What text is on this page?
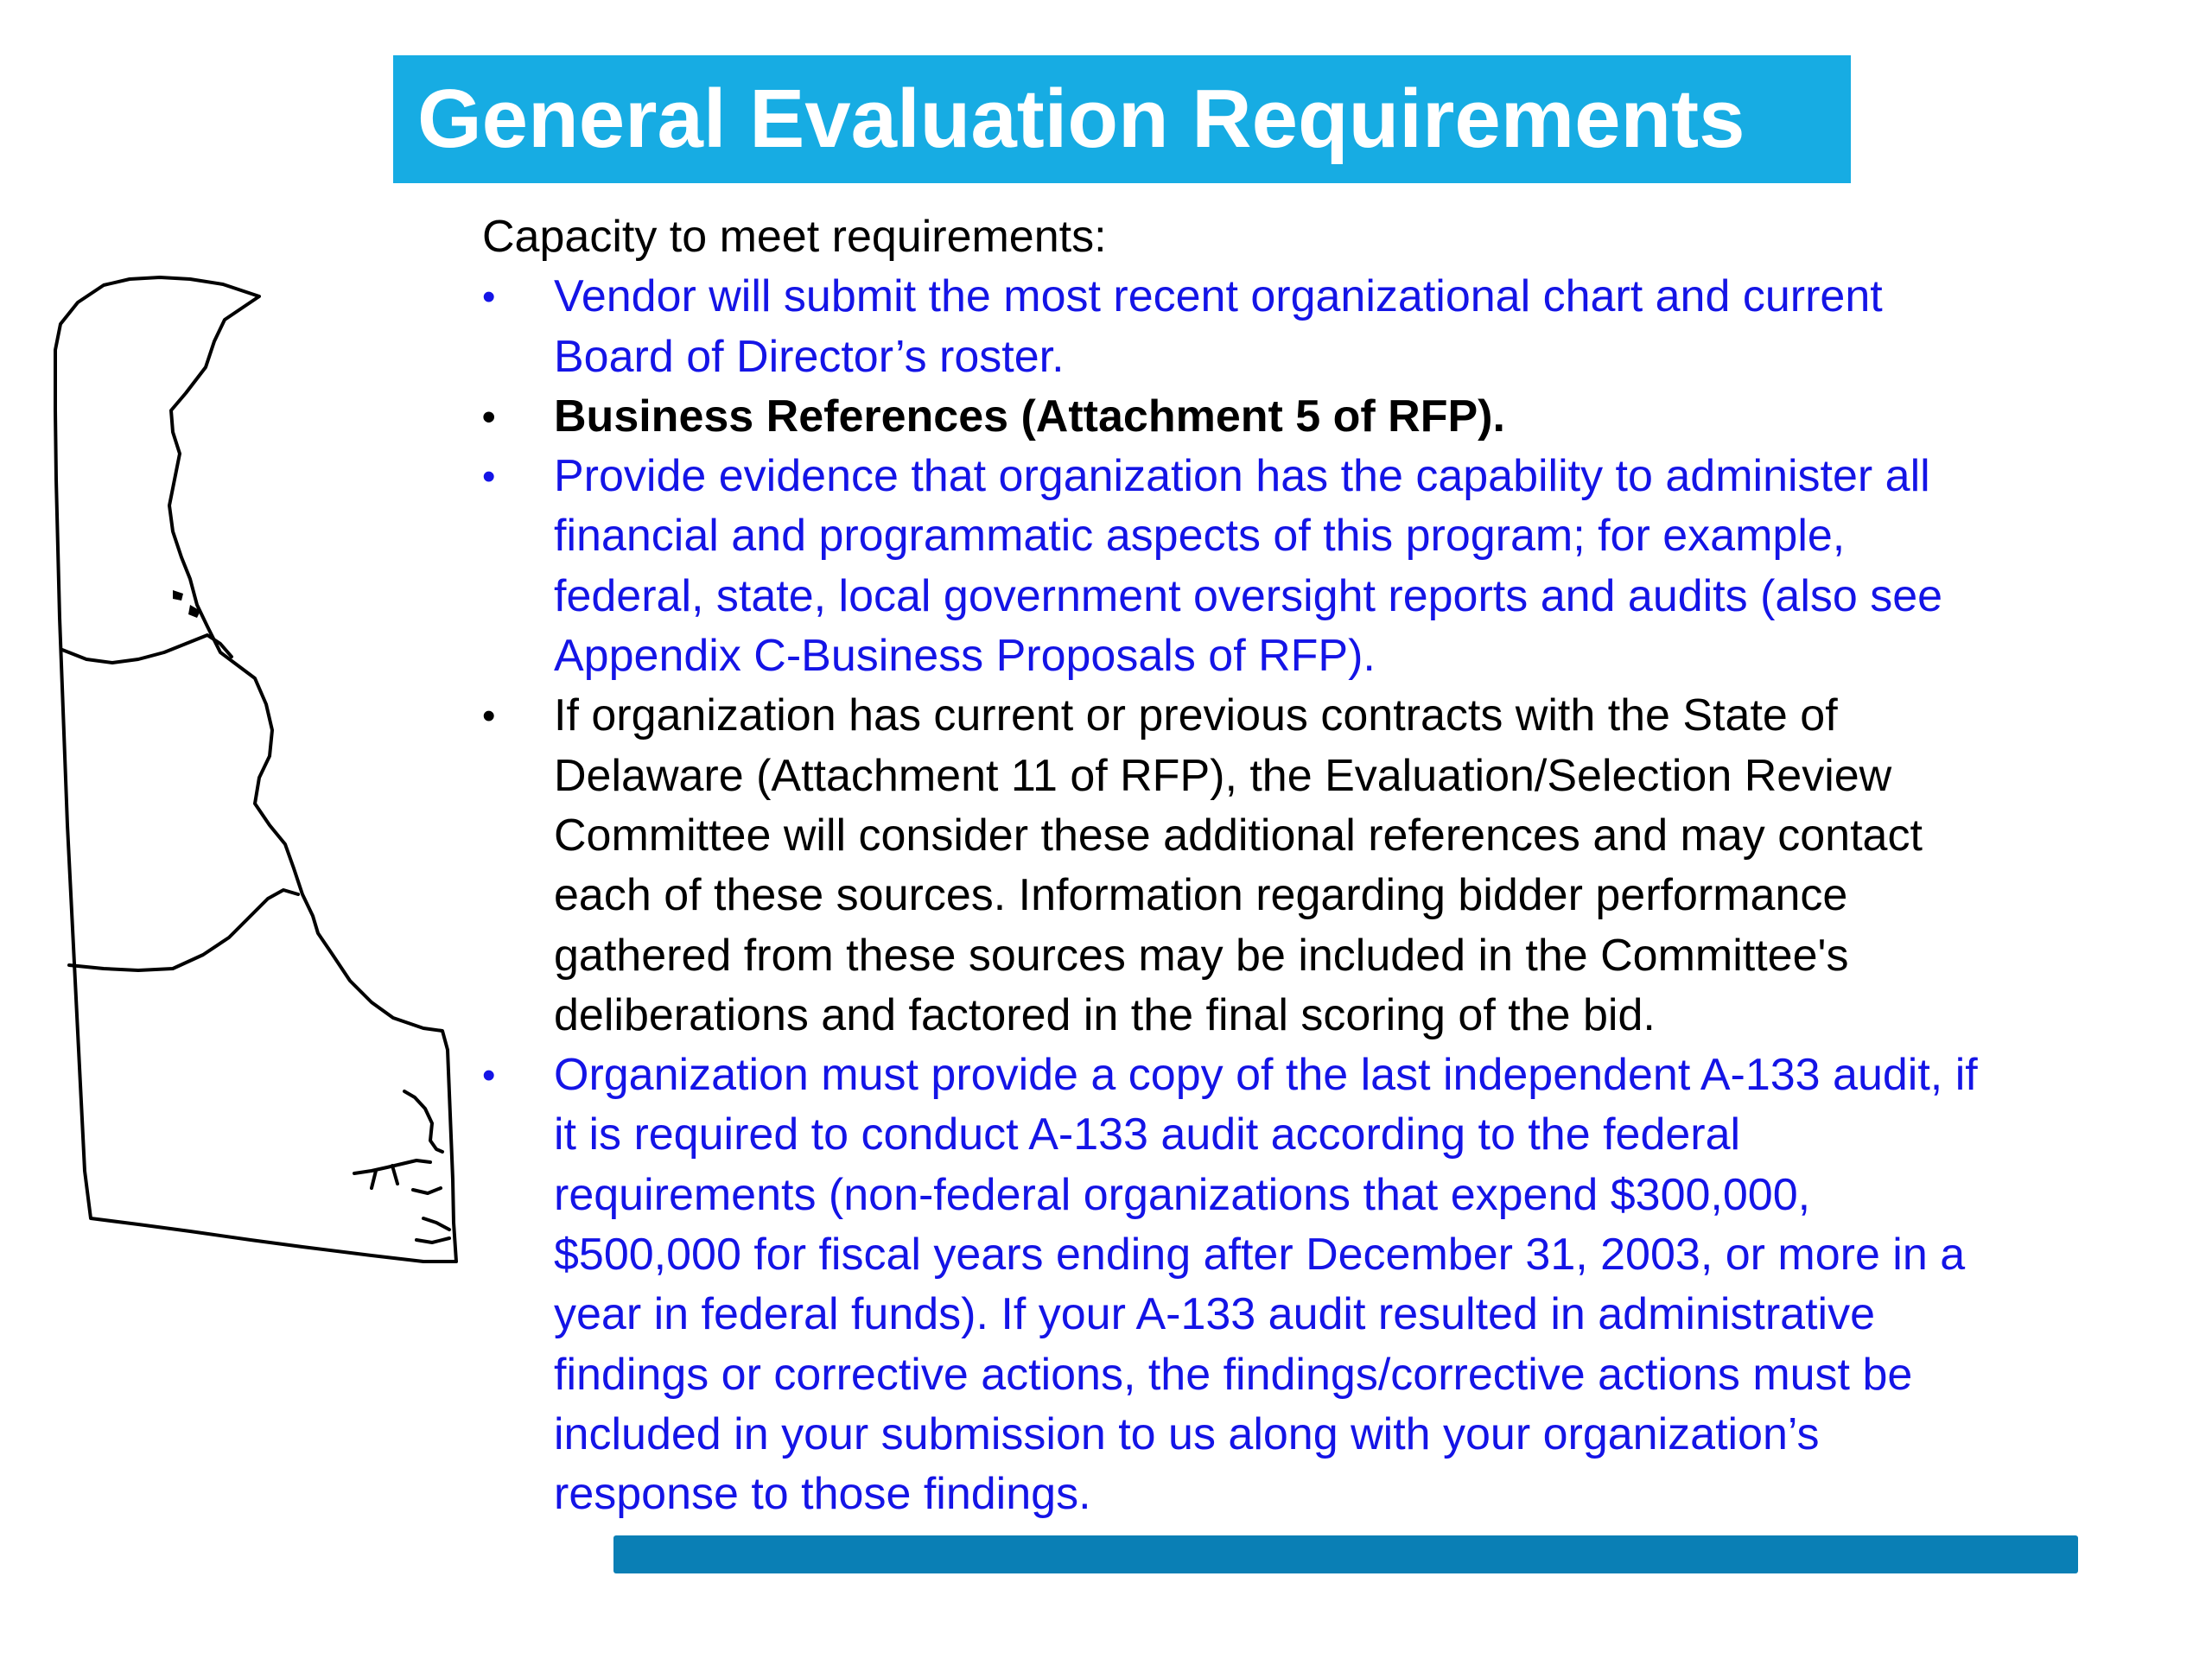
General Evaluation Requirements

Capacity to meet requirements:

•	Vendor will submit the most recent organizational chart and current
Board of Director’s roster.
•	Business References (Attachment 5 of RFP).
•	Provide evidence that organization has the capability to administer all
financial and programmatic aspects of this program; for example,
federal, state, local government oversight reports and audits (also see
Appendix C-Business Proposals of RFP).
•	If organization has current or previous contracts with the State of
Delaware (Attachment 11 of RFP), the Evaluation/Selection Review
Committee will consider these additional references and may contact
each of these sources. Information regarding bidder performance
gathered from these sources may be included in the Committee's
deliberations and factored in the final scoring of the bid.
•	Organization must provide a copy of the last independent A-133 audit, if
it is required to conduct A-133 audit according to the federal
requirements (non-federal organizations that expend $300,000,
$500,000 for fiscal years ending after December 31, 2003, or more in a
year in federal funds). If your A-133 audit resulted in administrative
findings or corrective actions, the findings/corrective actions must be
included in your submission to us along with your organization’s
response to those findings.
